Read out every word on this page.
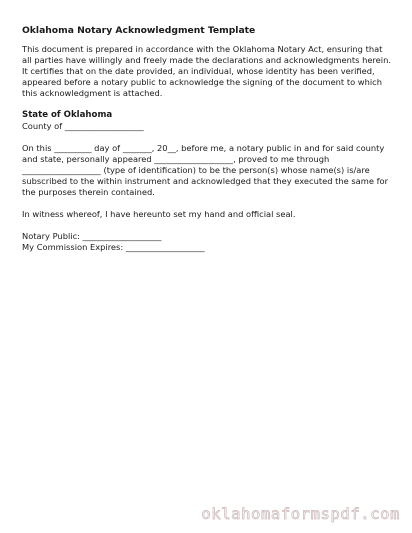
Oklahoma Notary Acknowledgment Template

This document is prepared in accordance with the Oklahoma Notary Act, ensuring that all parties have willingly and freely made the declarations and acknowledgments herein. It certifies that on the date provided, an individual, whose identity has been verified, appeared before a notary public to acknowledge the signing of the document to which this acknowledgment is attached.

State of Oklahoma

County of ___________________

On this _________ day of _______, 20__, before me, a notary public in and for said county and state, personally appeared ___________________, proved to me through ___________________ (type of identification) to be the person(s) whose name(s) is/are subscribed to the within instrument and acknowledged that they executed the same for the purposes therein contained.

In witness whereof, I have hereunto set my hand and official seal.

Notary Public: ___________________

My Commission Expires: ___________________

oklahomaformspdf.com
